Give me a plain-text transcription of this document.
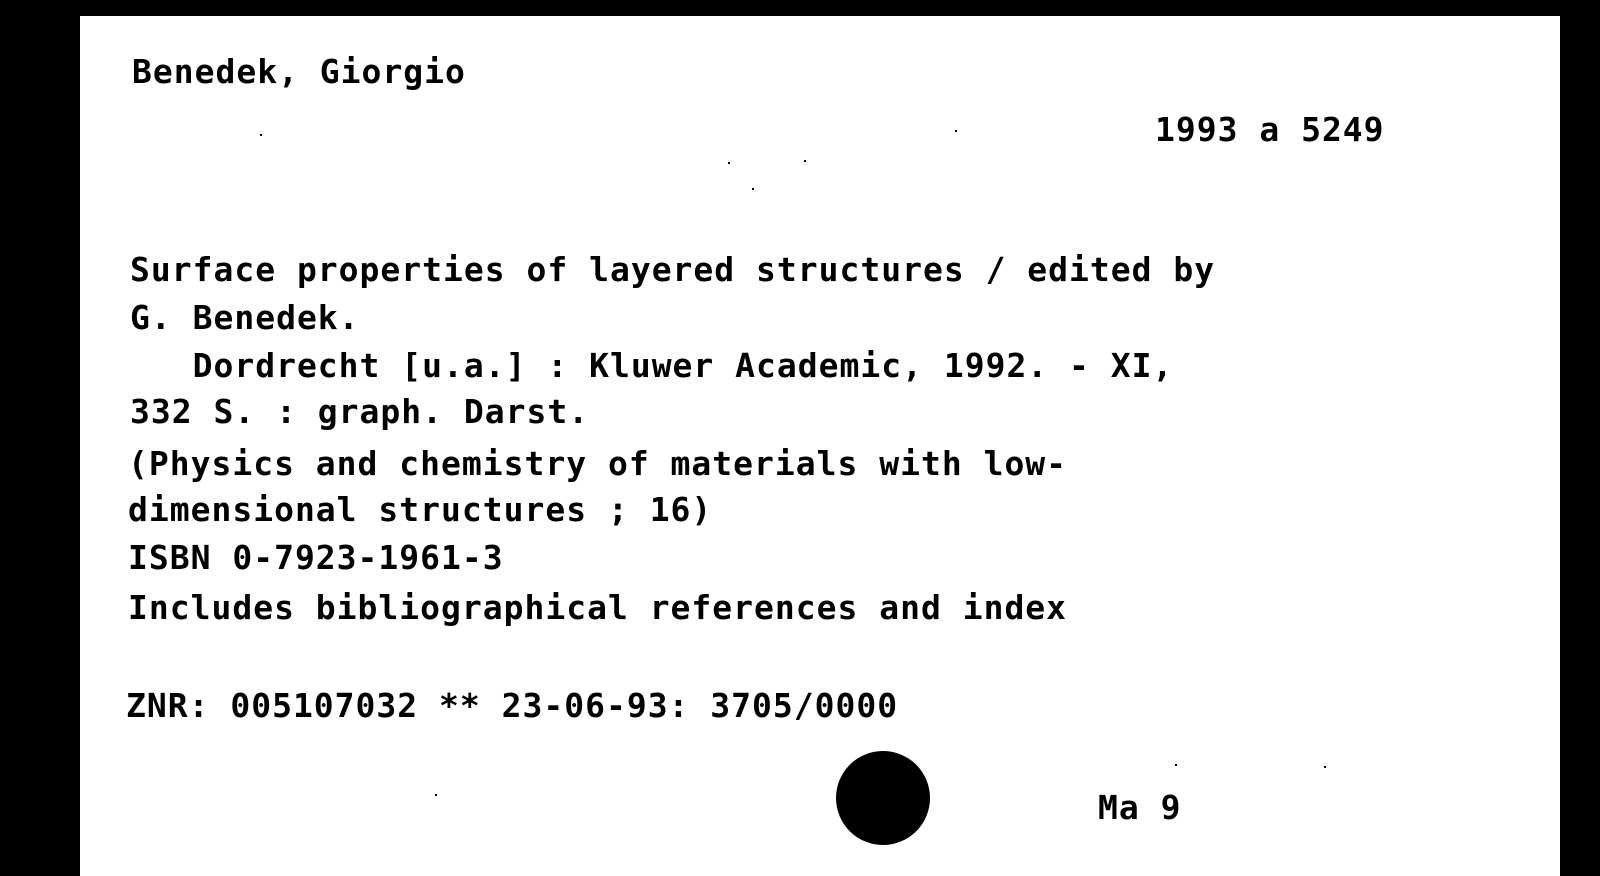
Benedek, Giorgio
1993 a 5249
Surface properties of layered structures / edited by
G. Benedek.
Dordrecht [u.a.] : Kluwer Academic, 1992. - XI,
332 S. : graph. Darst.
(Physics and chemistry of materials with low-
dimensional structures ; 16)
ISBN 0-7923-1961-3
Includes bibliographical references and index
ZNR: 005107032 ** 23-06-93: 3705/0000
Ma 9
